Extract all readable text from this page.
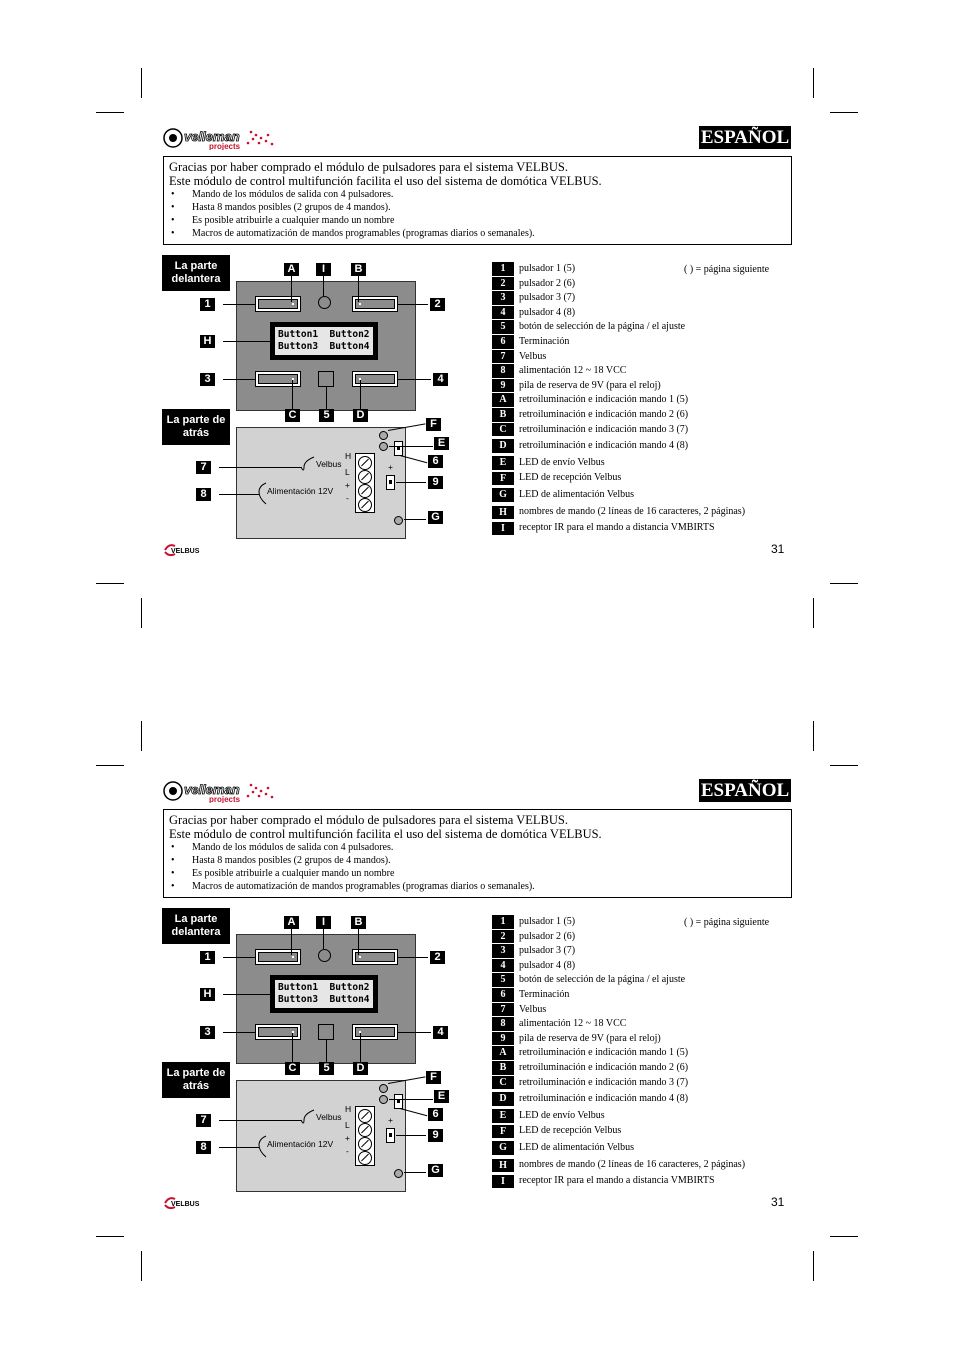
velleman
projects	ESPAÑOL
Gracias por haber comprado el módulo de pulsadores para el sistema VELBUS.
Este módulo de control multifunción facilita el uso del sistema de domótica VELBUS.
• Mando de los módulos de salida con 4 pulsadores.
• Hasta 8 mandos posibles (2 grupos de 4 mandos).
• Es posible atribuirle a cualquier mando un nombre
• Macros de automatización de mandos programables (programas diarios o semanales).
La parte delantera
Button1  Button2
Button3  Button4
A	I	B
1	2
H
3	4
C	5	D
La parte de atrás
Velbus
Alimentación 12V
H
L
+
-
+
F
E
6
7
9
8
G
( ) = página siguiente
1	pulsador 1 (5)
2	pulsador 2 (6)
3	pulsador 3 (7)
4	pulsador 4 (8)
5	botón de selección de la página / el ajuste
6	Terminación
7	Velbus
8	alimentación 12 ~ 18 VCC
9	pila de reserva de 9V (para el reloj)
A	retroiluminación e indicación mando 1 (5)
B	retroiluminación e indicación mando 2 (6)
C	retroiluminación e indicación mando 3 (7)
D	retroiluminación e indicación mando 4 (8)
E	LED de envío Velbus
F	LED de recepción Velbus
G	LED de alimentación Velbus
H	nombres de mando (2 líneas de 16 caracteres, 2 páginas)
I	receptor IR para el mando a distancia VMBIRTS
VELBUS	31
velleman
projects	ESPAÑOL
Gracias por haber comprado el módulo de pulsadores para el sistema VELBUS.
Este módulo de control multifunción facilita el uso del sistema de domótica VELBUS.
• Mando de los módulos de salida con 4 pulsadores.
• Hasta 8 mandos posibles (2 grupos de 4 mandos).
• Es posible atribuirle a cualquier mando un nombre
• Macros de automatización de mandos programables (programas diarios o semanales).
La parte delantera
Button1  Button2
Button3  Button4
A	I	B
1	2
H
3	4
C	5	D
La parte de atrás
Velbus
Alimentación 12V
H
L
+
-
+
F
E
6
7
9
8
G
( ) = página siguiente
1	pulsador 1 (5)
2	pulsador 2 (6)
3	pulsador 3 (7)
4	pulsador 4 (8)
5	botón de selección de la página / el ajuste
6	Terminación
7	Velbus
8	alimentación 12 ~ 18 VCC
9	pila de reserva de 9V (para el reloj)
A	retroiluminación e indicación mando 1 (5)
B	retroiluminación e indicación mando 2 (6)
C	retroiluminación e indicación mando 3 (7)
D	retroiluminación e indicación mando 4 (8)
E	LED de envío Velbus
F	LED de recepción Velbus
G	LED de alimentación Velbus
H	nombres de mando (2 líneas de 16 caracteres, 2 páginas)
I	receptor IR para el mando a distancia VMBIRTS
VELBUS	31
